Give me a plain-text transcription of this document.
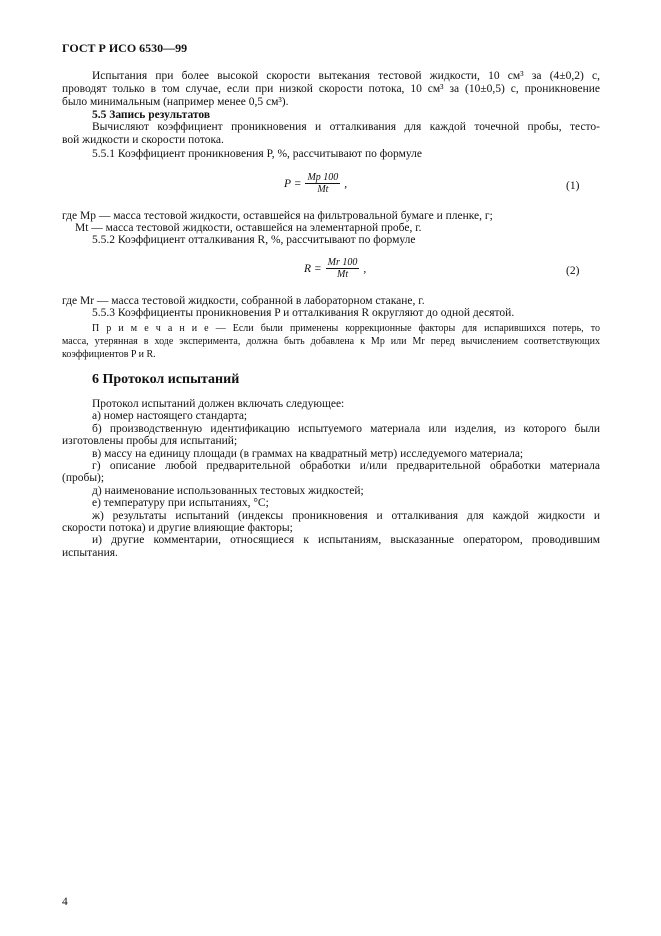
ГОСТ Р ИСО 6530—99
Испытания при более высокой скорости вытекания тестовой жидкости, 10 см³ за (4±0,2) с,
проводят только в том случае, если при низкой скорости потока, 10 см³ за (10±0,5) с, проникновение
было минимальным (например менее 0,5 см³).
5.5 Запись результатов
Вычисляют коэффициент проникновения и отталкивания для каждой точечной пробы, тесто-
вой жидкости и скорости потока.
5.5.1 Коэффициент проникновения P, %, рассчитывают по формуле
$P = \frac{Mp 100}{Mt}$ ,	(1)
где Mp — масса тестовой жидкости, оставшейся на фильтровальной бумаге и пленке, г;
Mt — масса тестовой жидкости, оставшейся на элементарной пробе, г.
5.5.2 Коэффициент отталкивания R, %, рассчитывают по формуле
$R = \frac{Mr 100}{Mt}$ ,	(2)
где Mr — масса тестовой жидкости, собранной в лабораторном стакане, г.
5.5.3 Коэффициенты проникновения P и отталкивания R округляют до одной десятой.
П р и м е ч а н и е — Если были применены коррекционные факторы для испарившихся потерь, то
масса, утерянная в ходе эксперимента, должна быть добавлена к Mp или Mr перед вычислением соответствующих
коэффициентов P и R.
6 Протокол испытаний
Протокол испытаний должен включать следующее:
а) номер настоящего стандарта;
б) производственную идентификацию испытуемого материала или изделия, из которого были
изготовлены пробы для испытаний;
в) массу на единицу площади (в граммах на квадратный метр) исследуемого материала;
г) описание любой предварительной обработки и/или предварительной обработки материала
(пробы);
д) наименование использованных тестовых жидкостей;
е) температуру при испытаниях, °С;
ж) результаты испытаний (индексы проникновения и отталкивания для каждой жидкости и
скорости потока) и другие влияющие факторы;
и) другие комментарии, относящиеся к испытаниям, высказанные оператором, проводившим
испытания.
4
